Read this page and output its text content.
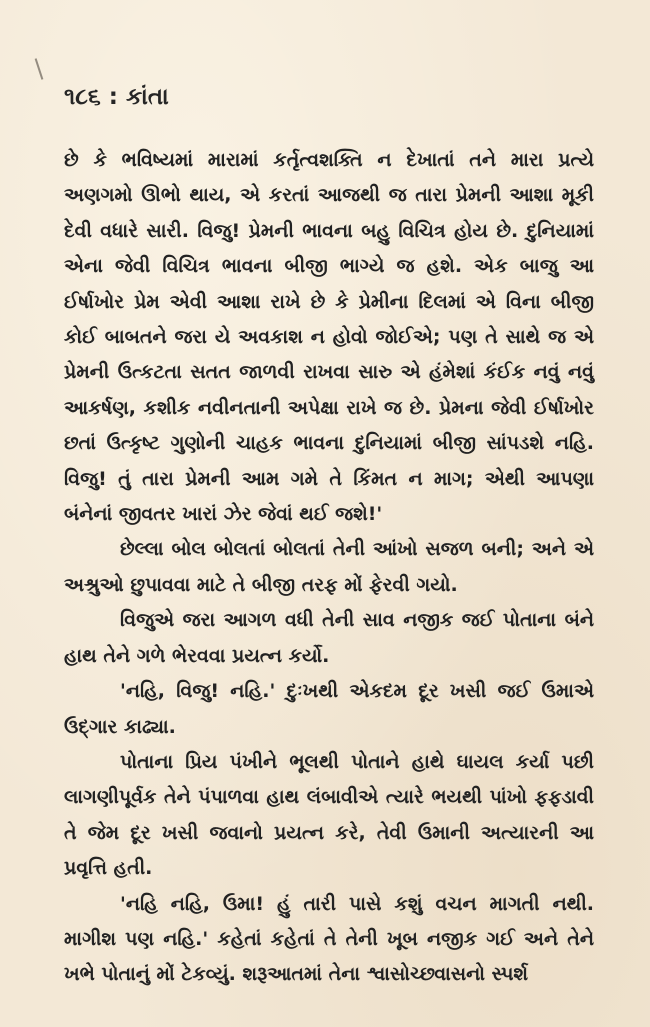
૧૮૬ : કાંતા

છે કે ભવિષ્યમાં મારામાં કર્તૃત્વશક્તિ ન દેખાતાં તને મારા પ્રત્યે અણગમો ઊભો થાય, એ કરતાં આજથી જ તારા પ્રેમની આશા મૂકી દેવી વધારે સારી. વિજુ! પ્રેમની ભાવના બહુ વિચિત્ર હોય છે. દુનિયામાં એના જેવી વિચિત્ર ભાવના બીજી ભાગ્યે જ હશે. એક બાજુ આ ઈર્ષાખોર પ્રેમ એવી આશા રાખે છે કે પ્રેમીના દિલમાં એ વિના બીજી કોઈ બાબતને જરા યે અવકાશ ન હોવો જોઈએ; પણ તે સાથે જ એ પ્રેમની ઉત્કટતા સતત જાળવી રાખવા સારુ એ હંમેશાં કંઈક નવું નવું આકર્ષણ, કશીક નવીનતાની અપેક્ષા રાખે જ છે. પ્રેમના જેવી ઈર્ષાખોર છતાં ઉત્કૃષ્ટ ગુણોની ચાહક ભાવના દુનિયામાં બીજી સાંપડશે નહિ. વિજુ! તું તારા પ્રેમની આમ ગમે તે કિંમત ન માગ; એથી આપણા બંનેનાં જીવતર ખારાં ઝેર જેવાં થઈ જશે!'

છેલ્લા બોલ બોલતાં બોલતાં તેની આંખો સજળ બની; અને એ અશ્રુઓ છુપાવવા માટે તે બીજી તરફ મોં ફેરવી ગયો.

વિજુએ જરા આગળ વધી તેની સાવ નજીક જઈ પોતાના બંને હાથ તેને ગળે ભેરવવા પ્રયત્ન કર્યો.

'નહિ, વિજુ! નહિ.' દુઃખથી એકદમ દૂર ખસી જઈ ઉમાએ ઉદ્ગાર કાઢ્યા.

પોતાના પ્રિય પંખીને ભૂલથી પોતાને હાથે ઘાયલ કર્યા પછી લાગણીપૂર્વક તેને પંપાળવા હાથ લંબાવીએ ત્યારે ભયથી પાંખો ફફડાવી તે જેમ દૂર ખસી જવાનો પ્રયત્ન કરે, તેવી ઉમાની અત્યારની આ પ્રવૃત્તિ હતી.

'નહિ નહિ, ઉમા! હું તારી પાસે કશું વચન માગતી નથી. માગીશ પણ નહિ.' કહેતાં કહેતાં તે તેની ખૂબ નજીક ગઈ અને તેને ખભે પોતાનું મોં ટેકવ્યું. શરૂઆતમાં તેના શ્વાસોચ્છ્વાસનો સ્પર્શ
